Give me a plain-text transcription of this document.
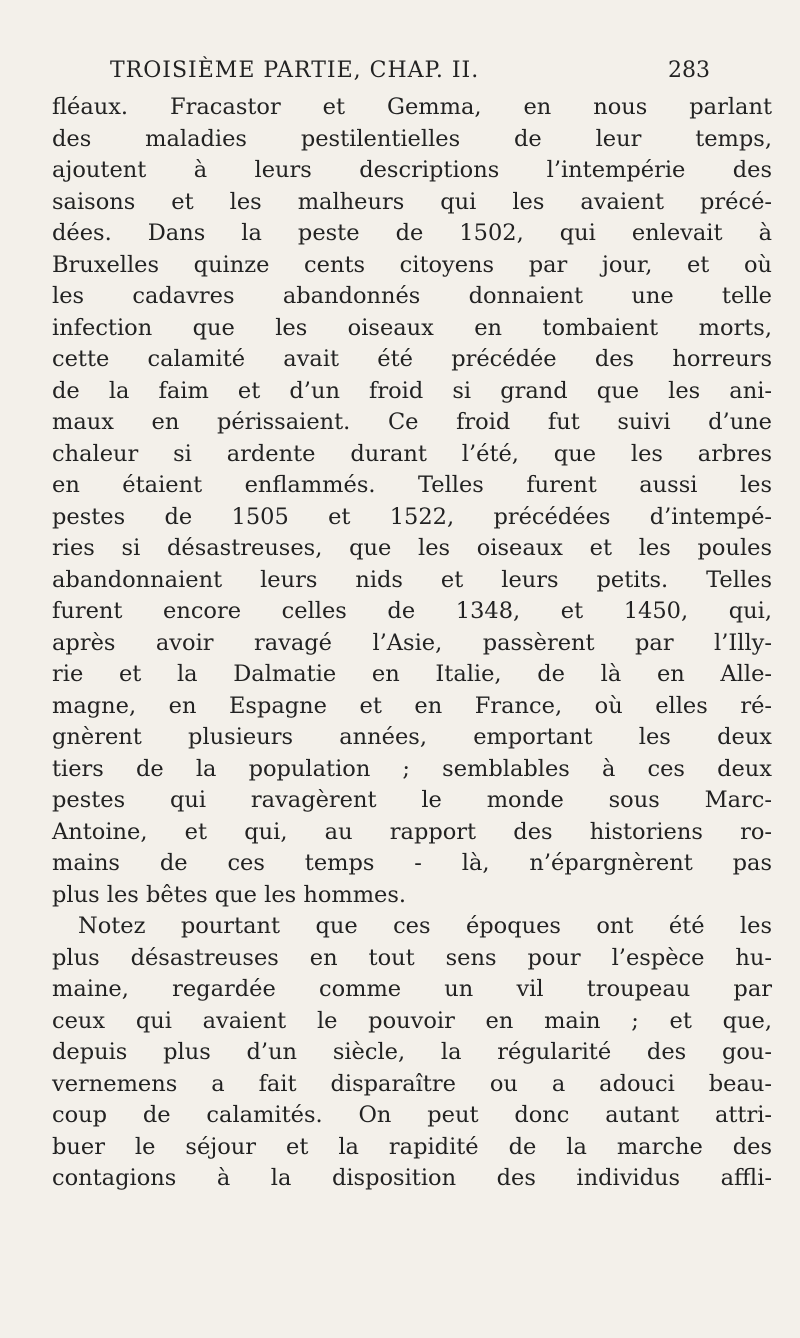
TROISIÈME PARTIE, CHAP. II.	283
fléaux. Fracastor et Gemma, en nous parlant
des maladies pestilentielles de leur temps,
ajoutent à leurs descriptions l’intempérie des
saisons et les malheurs qui les avaient précé-
dées. Dans la peste de 1502, qui enlevait à
Bruxelles quinze cents citoyens par jour, et où
les cadavres abandonnés donnaient une telle
infection que les oiseaux en tombaient morts,
cette calamité avait été précédée des horreurs
de la faim et d’un froid si grand que les ani-
maux en périssaient. Ce froid fut suivi d’une
chaleur si ardente durant l’été, que les arbres
en étaient enflammés. Telles furent aussi les
pestes de 1505 et 1522, précédées d’intempé-
ries si désastreuses, que les oiseaux et les poules
abandonnaient leurs nids et leurs petits. Telles
furent encore celles de 1348, et 1450, qui,
après avoir ravagé l’Asie, passèrent par l’Illy-
rie et la Dalmatie en Italie, de là en Alle-
magne, en Espagne et en France, où elles ré-
gnèrent plusieurs années, emportant les deux
tiers de la population ; semblables à ces deux
pestes qui ravagèrent le monde sous Marc-
Antoine, et qui, au rapport des historiens ro-
mains de ces temps - là, n’épargnèrent pas
plus les bêtes que les hommes.
Notez pourtant que ces époques ont été les
plus désastreuses en tout sens pour l’espèce hu-
maine, regardée comme un vil troupeau par
ceux qui avaient le pouvoir en main ; et que,
depuis plus d’un siècle, la régularité des gou-
vernemens a fait disparaître ou a adouci beau-
coup de calamités. On peut donc autant attri-
buer le séjour et la rapidité de la marche des
contagions à la disposition des individus affli-
